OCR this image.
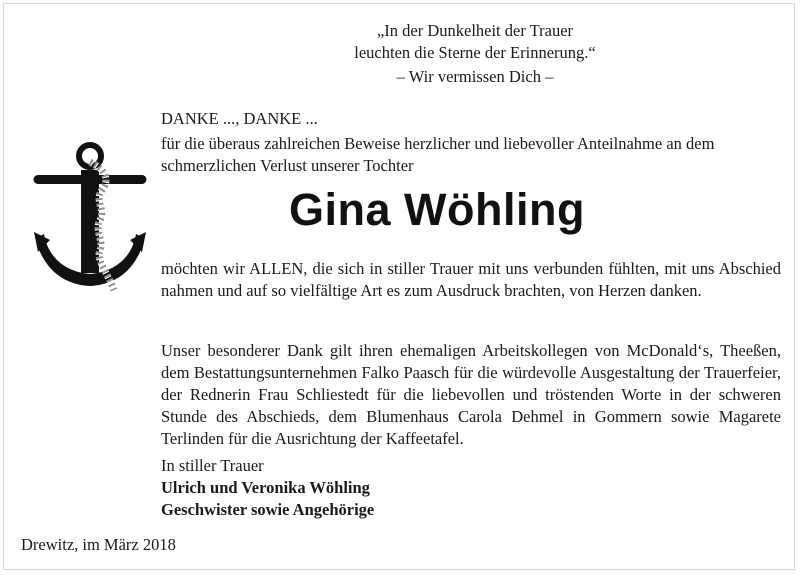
„In der Dunkelheit der Trauer
leuchten die Sterne der Erinnerung.“
– Wir vermissen Dich –
DANKE ..., DANKE ...
für die überaus zahlreichen Beweise herzlicher und liebevoller Anteilnahme an dem
schmerzlichen Verlust unserer Tochter
Gina Wöhling

möchten wir ALLEN, die sich in stiller Trauer mit uns verbunden fühlten, mit uns Abschied nahmen und auf so vielfältige Art es zum Ausdruck brachten, von Herzen danken.

Unser besonderer Dank gilt ihren ehemaligen Arbeitskollegen von McDonald‘s, Theeßen, dem Bestattungsunternehmen Falko Paasch für die würdevolle Ausgestaltung der Trauerfeier, der Rednerin Frau Schliestedt für die liebevollen und tröstenden Worte in der schweren Stunde des Abschieds, dem Blumenhaus Carola Dehmel in Gommern sowie Magarete Terlinden für die Ausrichtung der Kaffeetafel.

In stiller Trauer
Ulrich und Veronika Wöhling
Geschwister sowie Angehörige
Drewitz, im März 2018
